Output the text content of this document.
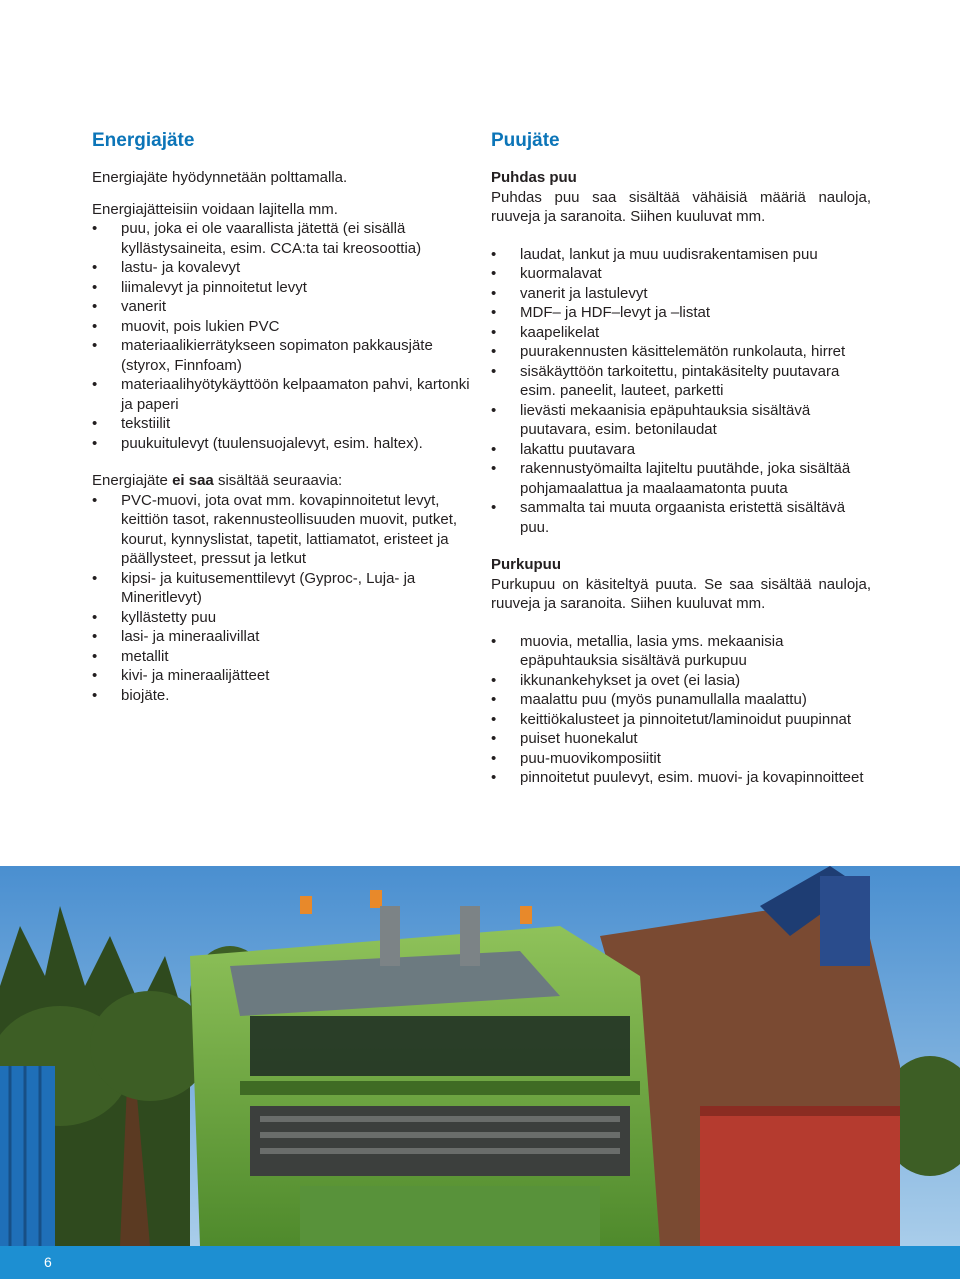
Energiajäte

Energiajäte hyödynnetään polttamalla.

Energiajätteisiin voidaan lajitella mm.

• puu, joka ei ole vaarallista jätettä (ei sisällä kyllästysaineita, esim. CCA:ta tai kreosoottia)
• lastu- ja kovalevyt
• liimalevyt ja pinnoitetut levyt
• vanerit
• muovit, pois lukien PVC
• materiaalikierrätykseen sopimaton pakkausjäte (styrox, Finnfoam)
• materiaalihyötykäyttöön kelpaamaton pahvi, kartonki ja paperi
• tekstiilit
• puukuitulevyt (tuulensuojalevyt, esim. haltex).

Energiajäte ei saa sisältää seuraavia:

• PVC-muovi, jota ovat mm. kovapinnoitetut levyt, keittiön tasot, rakennusteollisuuden muovit, putket, kourut, kynnyslistat, tapetit, lattiamatot, eristeet ja päällysteet, pressut ja letkut
• kipsi- ja kuitusementtilevyt (Gyproc-, Luja- ja Mineritlevyt)
• kyllästetty puu
• lasi- ja mineraalivillat
• metallit
• kivi- ja mineraalijätteet
• biojäte.
Puujäte
Puhdas puu

Puhdas puu saa sisältää vähäisiä määriä nauloja, ruuveja ja saranoita. Siihen kuuluvat mm.

• laudat, lankut ja muu uudisrakentamisen puu
• kuormalavat
• vanerit ja lastulevyt
• MDF– ja HDF–levyt ja –listat
• kaapelikelat
• puurakennusten käsittelemätön runkolauta, hirret
• sisäkäyttöön tarkoitettu, pintakäsitelty puutavara esim. paneelit, lauteet, parketti
• lievästi mekaanisia epäpuhtauksia sisältävä puutavara, esim. betonilaudat
• lakattu puutavara
• rakennustyömailta lajiteltu puutähde, joka sisältää pohjamaalattua ja maalaamatonta puuta
• sammalta tai muuta orgaanista eristettä sisältävä puu.
Purkupuu

Purkupuu on käsiteltyä puuta. Se saa sisältää nauloja, ruuveja ja saranoita. Siihen kuuluvat mm.

• muovia, metallia, lasia yms. mekaanisia epäpuhtauksia sisältävä purkupuu
• ikkunankehykset ja ovet (ei lasia)
• maalattu puu (myös punamullalla maalattu)
• keittiökalusteet ja pinnoitetut/laminoidut puupinnat
• puiset huonekalut
• puu-muovikomposiitit
• pinnoitetut puulevyt, esim. muovi- ja kovapinnoitteet
6
